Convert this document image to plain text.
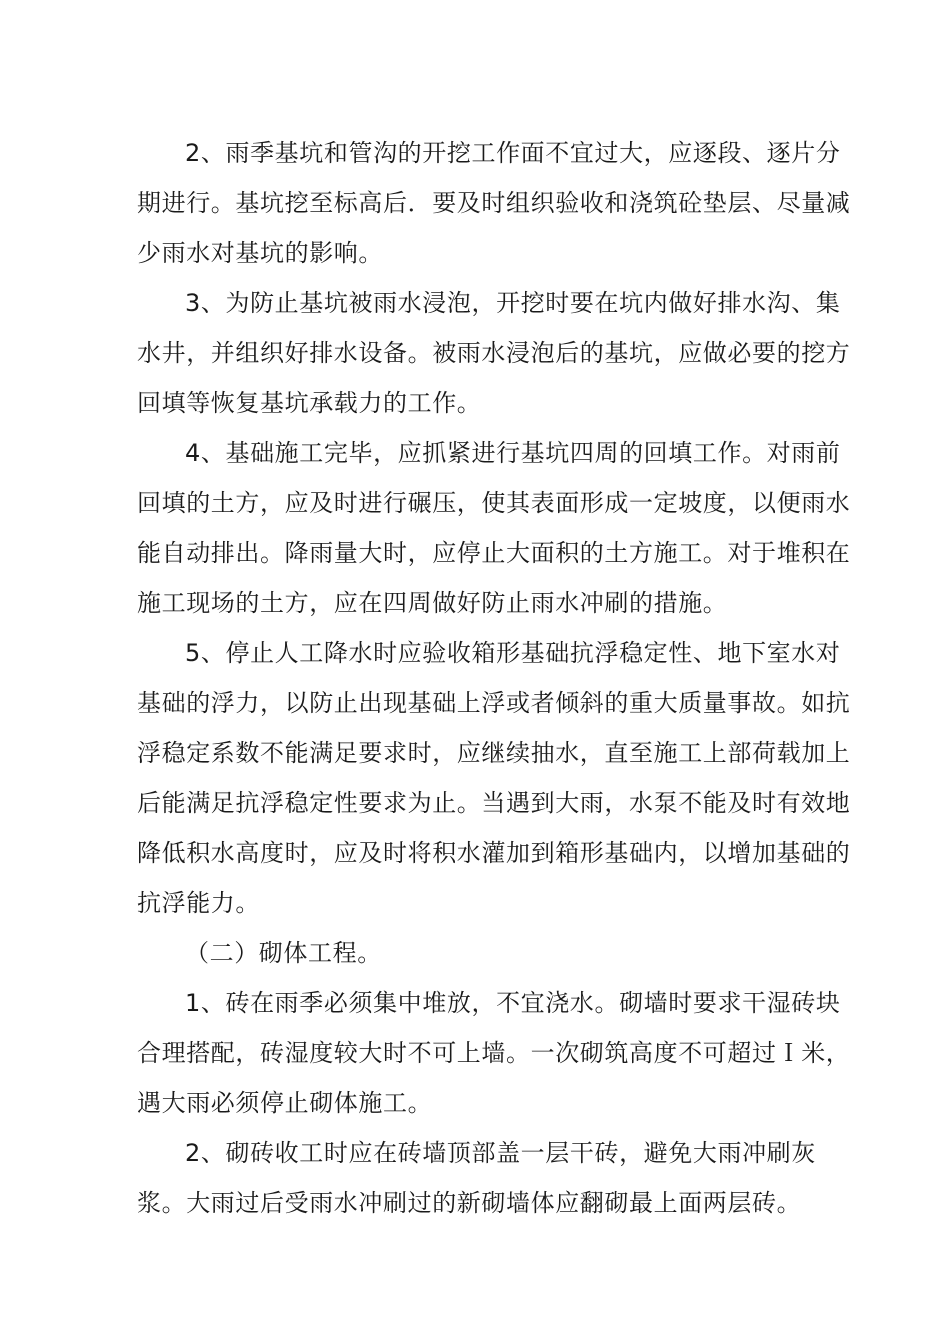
2、雨季基坑和管沟的开挖工作面不宜过大，应逐段、逐片分期进行。基坑挖至标高后．要及时组织验收和浇筑砼垫层、尽量减少雨水对基坑的影响。

3、为防止基坑被雨水浸泡，开挖时要在坑内做好排水沟、集水井，并组织好排水设备。被雨水浸泡后的基坑，应做必要的挖方回填等恢复基坑承载力的工作。

4、基础施工完毕，应抓紧进行基坑四周的回填工作。对雨前回填的土方，应及时进行碾压，使其表面形成一定坡度，以便雨水能自动排出。降雨量大时，应停止大面积的土方施工。对于堆积在施工现场的土方，应在四周做好防止雨水冲刷的措施。

5、停止人工降水时应验收箱形基础抗浮稳定性、地下室水对基础的浮力，以防止出现基础上浮或者倾斜的重大质量事故。如抗浮稳定系数不能满足要求时，应继续抽水，直至施工上部荷载加上后能满足抗浮稳定性要求为止。当遇到大雨，水泵不能及时有效地降低积水高度时，应及时将积水灌加到箱形基础内，以增加基础的抗浮能力。

（二）砌体工程。

1、砖在雨季必须集中堆放，不宜浇水。砌墙时要求干湿砖块合理搭配，砖湿度较大时不可上墙。一次砌筑高度不可超过Ｉ米，遇大雨必须停止砌体施工。

2、砌砖收工时应在砖墙顶部盖一层干砖，避免大雨冲刷灰浆。大雨过后受雨水冲刷过的新砌墙体应翻砌最上面两层砖。
